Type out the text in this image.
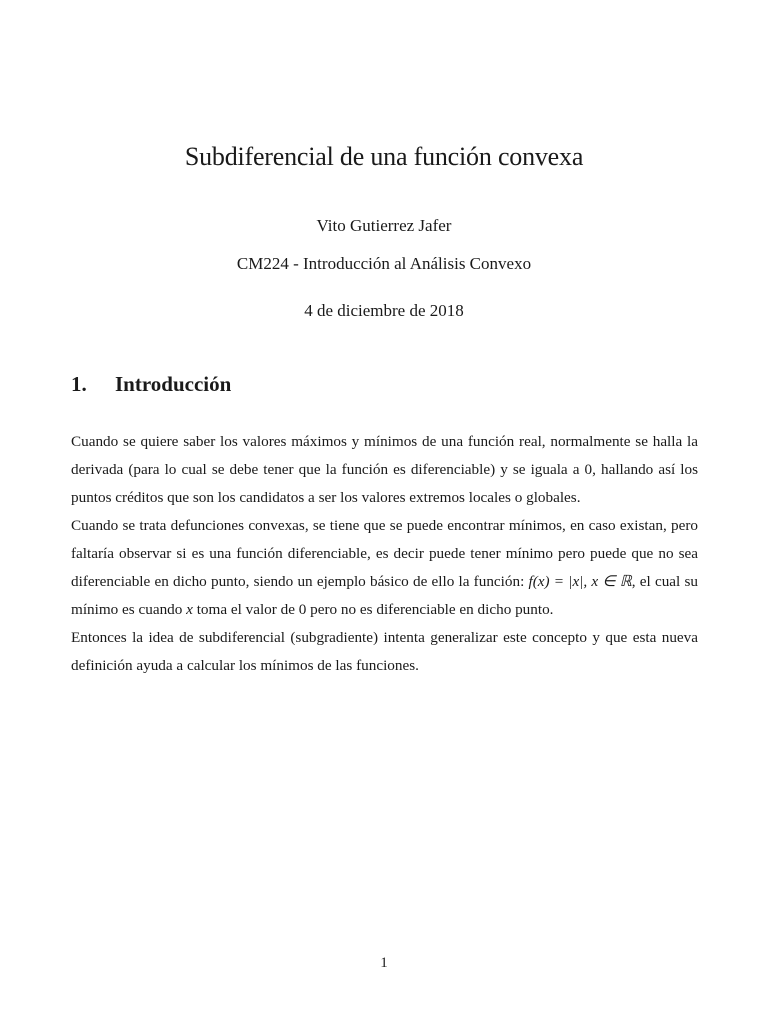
Subdiferencial de una función convexa
Vito Gutierrez Jafer
CM224 - Introducción al Análisis Convexo
4 de diciembre de 2018
1. Introducción

Cuando se quiere saber los valores máximos y mínimos de una función real, normalmente se halla la derivada (para lo cual se debe tener que la función es diferenciable) y se iguala a 0, hallando así los puntos créditos que son los candidatos a ser los valores extremos locales o globales.

Cuando se trata defunciones convexas, se tiene que se puede encontrar mínimos, en caso existan, pero faltaría observar si es una función diferenciable, es decir puede tener mínimo pero puede que no sea diferenciable en dicho punto, siendo un ejemplo básico de ello la función: f(x) = |x|, x ∈ ℝ, el cual su mínimo es cuando x toma el valor de 0 pero no es diferenciable en dicho punto.

Entonces la idea de subdiferencial (subgradiente) intenta generalizar este concepto y que esta nueva definición ayuda a calcular los mínimos de las funciones.

1
